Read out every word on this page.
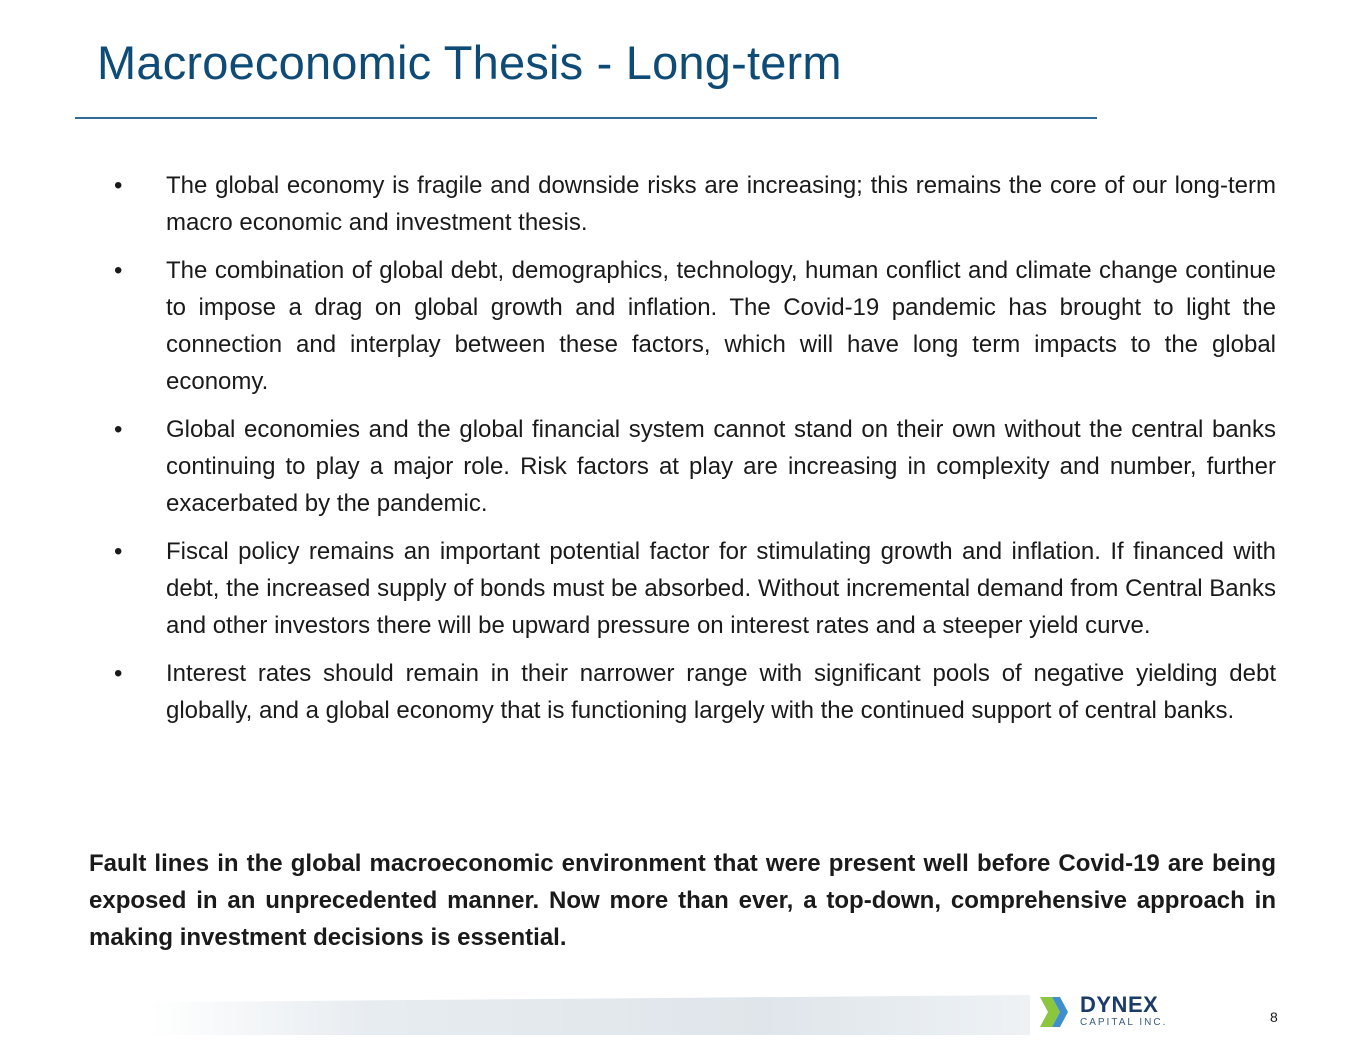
Macroeconomic Thesis - Long-term
•	The global economy is fragile and downside risks are increasing; this remains the core of our long-term macro economic and investment thesis.
•	The combination of global debt, demographics, technology, human conflict and climate change continue to impose a drag on global growth and inflation. The Covid-19 pandemic has brought to light the connection and interplay between these factors, which will have long term impacts to the global economy.
•	Global economies and the global financial system cannot stand on their own without the central banks continuing to play a major role. Risk factors at play are increasing in complexity and number, further exacerbated by the pandemic.
•	Fiscal policy remains an important potential factor for stimulating growth and inflation. If financed with debt, the increased supply of bonds must be absorbed. Without incremental demand from Central Banks and other investors there will be upward pressure on interest rates and a steeper yield curve.
•	Interest rates should remain in their narrower range with significant pools of negative yielding debt globally, and a global economy that is functioning largely with the continued support of central banks.

Fault lines in the global macroeconomic environment that were present well before Covid-19 are being exposed in an unprecedented manner. Now more than ever, a top-down, comprehensive approach in making investment decisions is essential.

DYNEX
CAPITAL INC.	8
